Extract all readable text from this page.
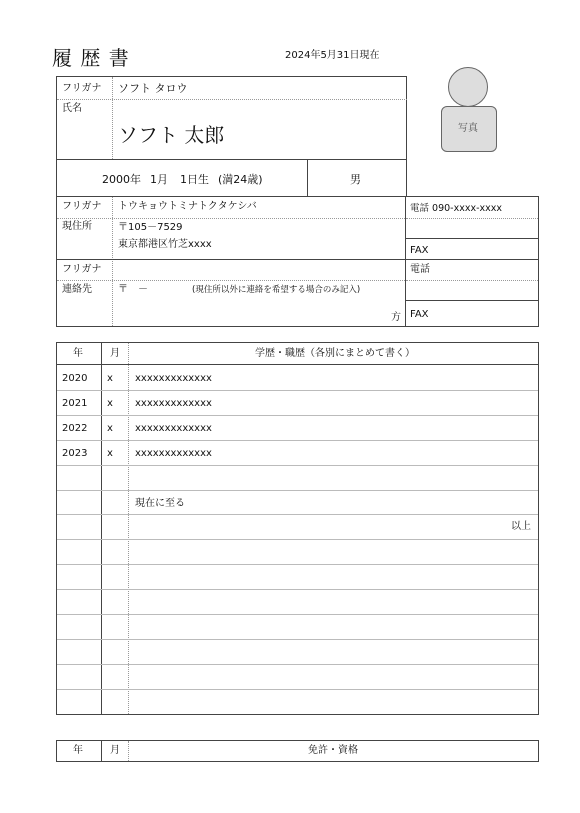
履 歴 書	2024年5月31日現在
写真
フリガナ ソフト タロウ
氏名
ソフト 太郎
2000年 1月 1日生 (満24歳)	男
フリガナ トウキョウトミナトクタケシバ
現住所	〒105－7529
東京都港区竹芝xxxx
電話 090-xxxx-xxxx
FAX
フリガナ
連絡先	〒　－	(現住所以外に連絡を希望する場合のみ記入)
方
電話
FAX
年	月	学歴・職歴（各別にまとめて書く）
2020 x xxxxxxxxxxxxx
2021 x xxxxxxxxxxxxx
2022 x xxxxxxxxxxxxx
2023 x xxxxxxxxxxxxx
現在に至る
以上
年	月	免許・資格
